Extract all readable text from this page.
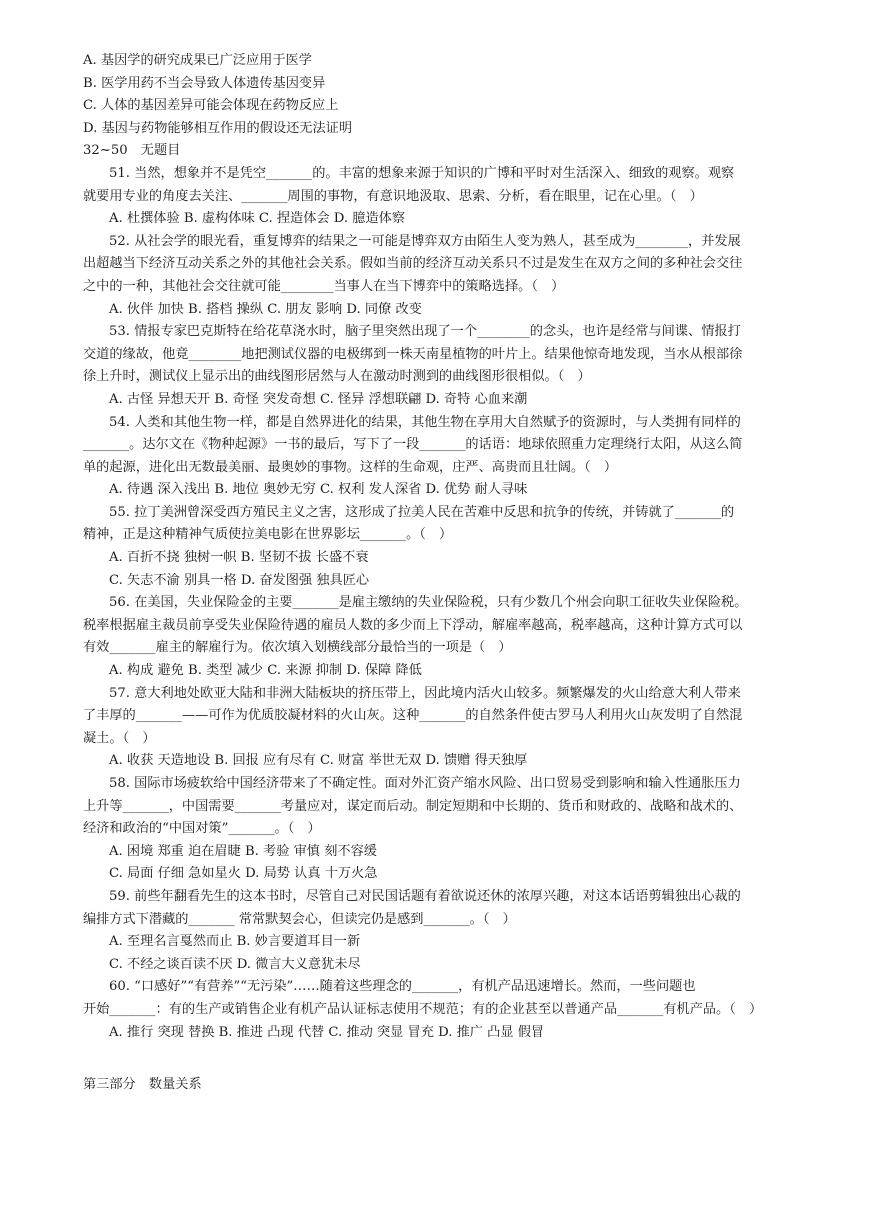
A. 基因学的研究成果已广泛应用于医学
B. 医学用药不当会导致人体遗传基因变异
C. 人体的基因差异可能会体现在药物反应上
D. 基因与药物能够相互作用的假设还无法证明
32~50　无题目
51. 当然，想象并不是凭空_______的。丰富的想象来源于知识的广博和平时对生活深入、细致的观察。观察
就要用专业的角度去关注、_______周围的事物，有意识地汲取、思索、分析，看在眼里，记在心里。（　）
A. 杜撰体验 B. 虚构体味 C. 捏造体会 D. 臆造体察
52. 从社会学的眼光看，重复博弈的结果之一可能是博弈双方由陌生人变为熟人，甚至成为________，并发展
出超越当下经济互动关系之外的其他社会关系。假如当前的经济互动关系只不过是发生在双方之间的多种社会交往
之中的一种，其他社会交往就可能________当事人在当下博弈中的策略选择。（　）
A. 伙伴 加快 B. 搭档 操纵 C. 朋友 影响 D. 同僚 改变
53. 情报专家巴克斯特在给花草浇水时，脑子里突然出现了一个________的念头，也许是经常与间谍、情报打
交道的缘故，他竟________地把测试仪器的电极绑到一株天南星植物的叶片上。结果他惊奇地发现，当水从根部徐
徐上升时，测试仪上显示出的曲线图形居然与人在激动时测到的曲线图形很相似。（　）
A. 古怪 异想天开 B. 奇怪 突发奇想 C. 怪异 浮想联翩 D. 奇特 心血来潮
54. 人类和其他生物一样，都是自然界进化的结果，其他生物在享用大自然赋予的资源时，与人类拥有同样的
_______。达尔文在《物种起源》一书的最后，写下了一段_______的话语：地球依照重力定理绕行太阳，从这么简
单的起源，进化出无数最美丽、最奥妙的事物。这样的生命观，庄严、高贵而且壮阔。（　）
A. 待遇 深入浅出 B. 地位 奥妙无穷 C. 权利 发人深省 D. 优势 耐人寻味
55. 拉丁美洲曾深受西方殖民主义之害，这形成了拉美人民在苦难中反思和抗争的传统，并铸就了_______的
精神，正是这种精神气质使拉美电影在世界影坛_______。（　）
A. 百折不挠 独树一帜 B. 坚韧不拔 长盛不衰
C. 矢志不渝 别具一格 D. 奋发图强 独具匠心
56. 在美国，失业保险金的主要_______是雇主缴纳的失业保险税，只有少数几个州会向职工征收失业保险税。
税率根据雇主裁员前享受失业保险待遇的雇员人数的多少而上下浮动，解雇率越高，税率越高，这种计算方式可以
有效_______雇主的解雇行为。依次填入划横线部分最恰当的一项是（　）
A. 构成 避免 B. 类型 减少 C. 来源 抑制 D. 保障 降低
57. 意大利地处欧亚大陆和非洲大陆板块的挤压带上，因此境内活火山较多。频繁爆发的火山给意大利人带来
了丰厚的_______——可作为优质胶凝材料的火山灰。这种_______的自然条件使古罗马人利用火山灰发明了自然混
凝土。（　）
A. 收获 天造地设 B. 回报 应有尽有 C. 财富 举世无双 D. 馈赠 得天独厚
58. 国际市场疲软给中国经济带来了不确定性。面对外汇资产缩水风险、出口贸易受到影响和输入性通胀压力
上升等_______，中国需要_______考量应对，谋定而后动。制定短期和中长期的、货币和财政的、战略和战术的、
经济和政治的“中国对策”_______。（　）
A. 困境 郑重 迫在眉睫 B. 考验 审慎 刻不容缓
C. 局面 仔细 急如星火 D. 局势 认真 十万火急
59. 前些年翻看先生的这本书时，尽管自己对民国话题有着欲说还休的浓厚兴趣，对这本话语剪辑独出心裁的
编排方式下潜藏的_______ 常常默契会心，但读完仍是感到_______。（　）
A. 至理名言戛然而止 B. 妙言要道耳目一新
C. 不经之谈百读不厌 D. 微言大义意犹未尽
60. “口感好”“有营养”“无污染”……随着这些理念的_______，有机产品迅速增长。然而，一些问题也
开始_______：有的生产或销售企业有机产品认证标志使用不规范；有的企业甚至以普通产品_______有机产品。（　）
A. 推行 突现 替换 B. 推进 凸现 代替 C. 推动 突显 冒充 D. 推广 凸显 假冒
第三部分　数量关系
